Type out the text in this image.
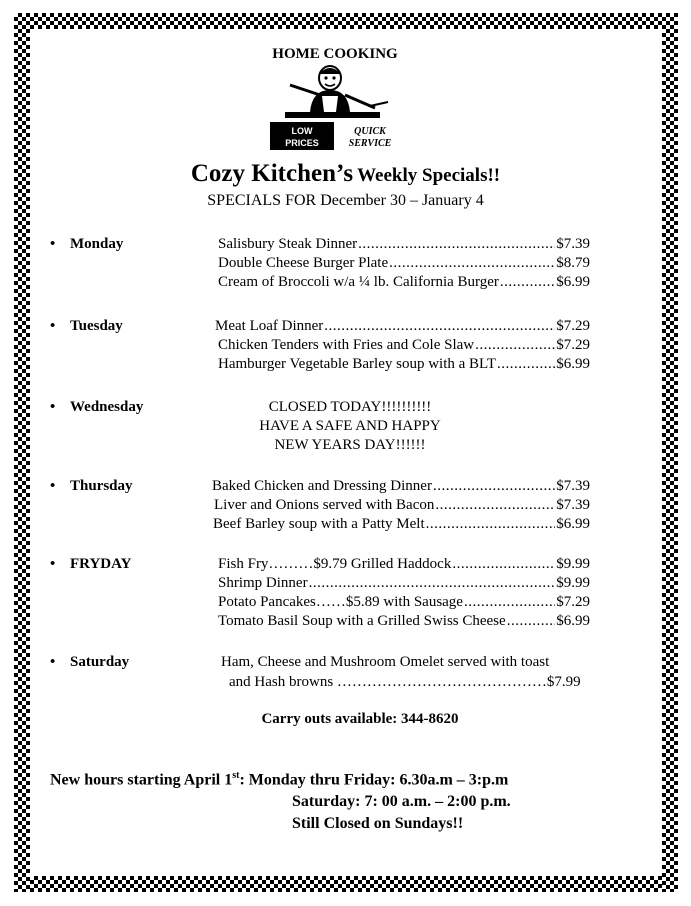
HOME COOKING
LOW
PRICES
QUICK
SERVICE
Cozy Kitchen’s Weekly Specials!!
SPECIALS FOR December 30 – January 4
• Monday	Salisbury Steak Dinner .....	$7.39
Double Cheese Burger Plate .....	$8.79
Cream of Broccoli w/a ¼ lb. California Burger .....	$6.99
• Tuesday	Meat Loaf Dinner .....	$7.29
Chicken Tenders with Fries and Cole Slaw .....	$7.29
Hamburger Vegetable Barley soup with a BLT .....	$6.99
• Wednesday	CLOSED TODAY!!!!!!!!!!
HAVE A SAFE AND HAPPY
NEW YEARS DAY!!!!!!
• Thursday	Baked Chicken and Dressing Dinner .....	$7.39
Liver and Onions served with Bacon .....	$7.39
Beef Barley soup with a Patty Melt .....	$6.99
• FRYDAY	Fish Fry………$9.79 Grilled Haddock .....	$9.99
Shrimp Dinner .....	$9.99
Potato Pancakes……$5.89 with Sausage .....	$7.29
Tomato Basil Soup with a Grilled Swiss Cheese .....	$6.99
• Saturday	Ham, Cheese and Mushroom Omelet served with toast
and Hash browns ……………………………………$7.99
Carry outs available: 344-8620
New hours starting April 1st: Monday thru Friday: 6.30a.m – 3:p.m
Saturday: 7: 00 a.m. – 2:00 p.m.
Still Closed on Sundays!!
